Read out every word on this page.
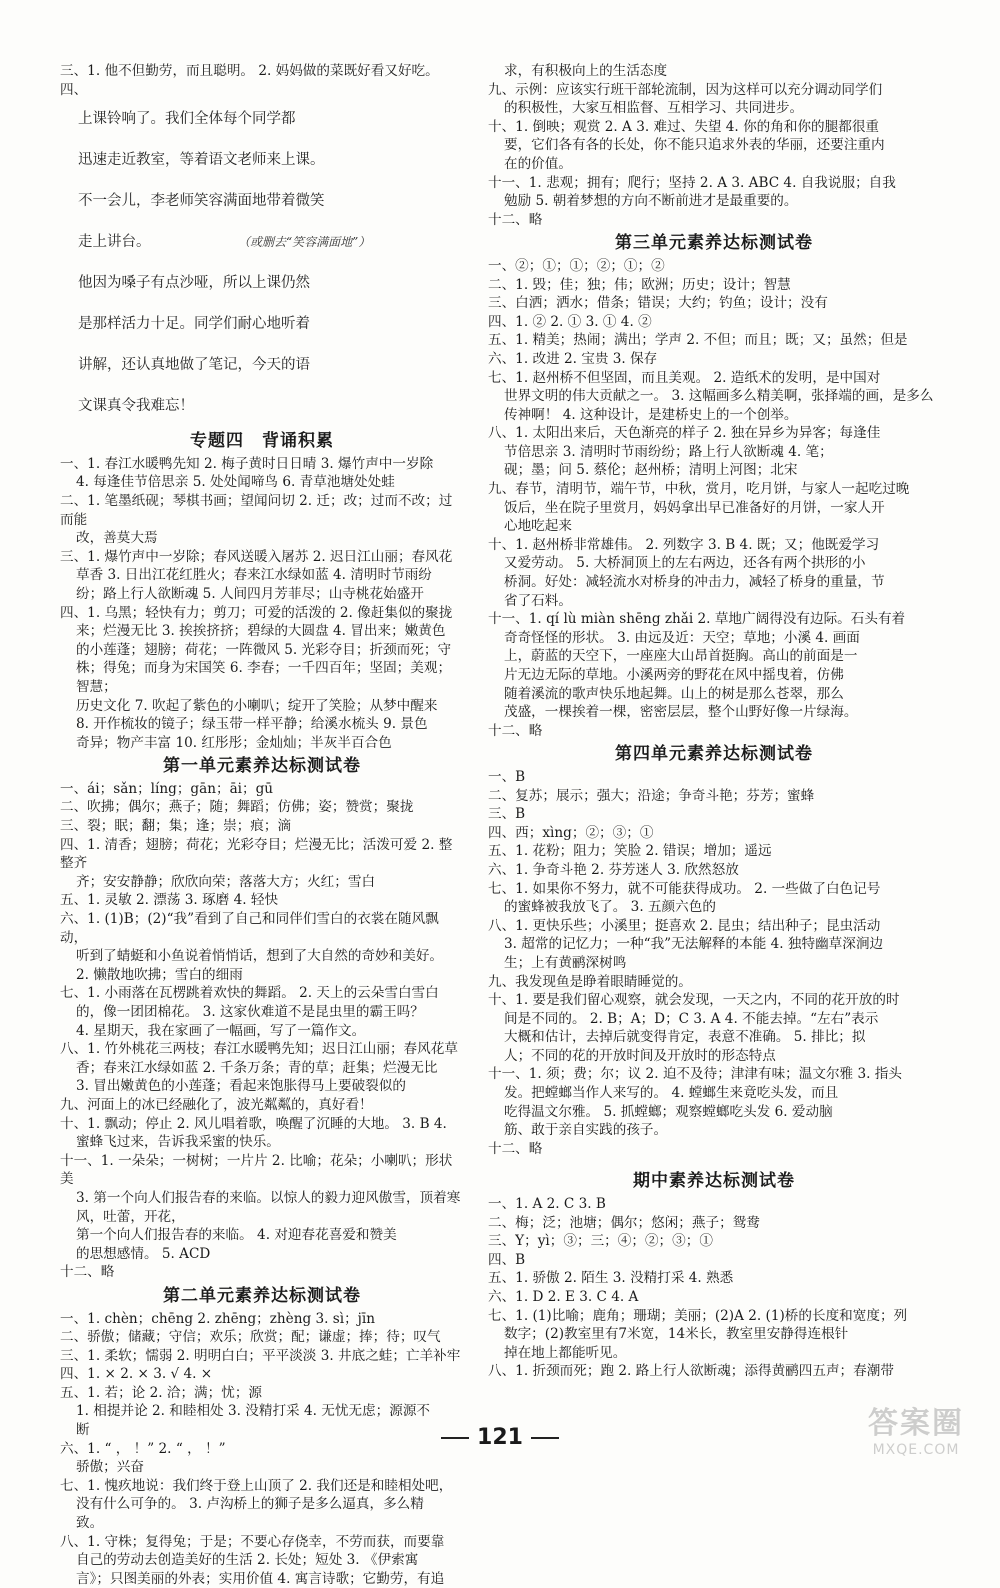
三、1. 他不但勤劳，而且聪明。 2. 妈妈做的菜既好看又好吃。
四、
上课铃响了。我们全体每个同学都
迅速走近教室，等着语文老师来上课。
不一会儿，李老师笑容满面地带着微笑
走上讲台。	（或删去“笑容满面地”）
他因为嗓子有点沙哑，所以上课仍然
是那样活力十足。同学们耐心地听着
讲解，还认真地做了笔记，今天的语
文课真令我难忘！
专题四　背诵积累
一、1. 春江水暖鸭先知 2. 梅子黄时日日晴 3. 爆竹声中一岁除
4. 每逢佳节倍思亲 5. 处处闻啼鸟 6. 青草池塘处处蛙
二、1. 笔墨纸砚；琴棋书画；望闻问切 2. 迁；改；过而不改；过而能
改，善莫大焉
三、1. 爆竹声中一岁除；春风送暖入屠苏 2. 迟日江山丽；春风花
草香 3. 日出江花红胜火；春来江水绿如蓝 4. 清明时节雨纷
纷；路上行人欲断魂 5. 人间四月芳菲尽；山寺桃花始盛开
四、1. 乌黑；轻快有力；剪刀；可爱的活泼的 2. 像赶集似的聚拢
来；烂漫无比 3. 挨挨挤挤；碧绿的大圆盘 4. 冒出来；嫩黄色
的小莲蓬；翅膀；荷花；一阵微风 5. 光彩夺目；折颈而死；守
株；得兔；而身为宋国笑 6. 李春；一千四百年；坚固；美观；智慧；
历史文化 7. 吹起了紫色的小喇叭；绽开了笑脸；从梦中醒来
8. 开作梳妆的镜子；绿玉带一样平静；给溪水梳头 9. 景色
奇异；物产丰富 10. 红彤彤；金灿灿；半灰半百合色
第一单元素养达标测试卷
一、ái；sǎn；líng；gān；āi；gū
二、吹拂；偶尔；燕子；随；舞蹈；仿佛；姿；赞赏；聚拢
三、裂；眠；翻；集；逢；崇；痕；滴
四、1. 清香；翅膀；荷花；光彩夺目；烂漫无比；活泼可爱 2. 整整齐
齐；安安静静；欣欣向荣；落落大方；火红；雪白
五、1. 灵敏 2. 漂荡 3. 琢磨 4. 轻快
六、1. (1)B；(2)“我”看到了自己和同伴们雪白的衣裳在随风飘动，
听到了蜻蜓和小鱼说着悄悄话，想到了大自然的奇妙和美好。
2. 懒散地吹拂；雪白的细雨
七、1. 小雨落在瓦楞跳着欢快的舞蹈。 2. 天上的云朵雪白雪白
的，像一团团棉花。 3. 这家伙难道不是昆虫里的霸王吗？
4. 星期天，我在家画了一幅画，写了一篇作文。
八、1. 竹外桃花三两枝；春江水暖鸭先知；迟日江山丽；春风花草
香；春来江水绿如蓝 2. 千条万条；青的草；赶集；烂漫无比
3. 冒出嫩黄色的小莲蓬；看起来饱胀得马上要破裂似的
九、河面上的冰已经融化了，波光粼粼的，真好看！
十、1. 飘动；停止 2. 风儿唱着歌，唤醒了沉睡的大地。 3. B 4.
蜜蜂飞过来，告诉我采蜜的快乐。
十一、1. 一朵朵；一树树；一片片 2. 比喻；花朵；小喇叭；形状美
3. 第一个向人们报告春的来临。以惊人的毅力迎风傲雪，顶着寒风，吐蕾，开花，
第一个向人们报告春的来临。 4. 对迎春花喜爱和赞美
的思想感情。 5. ACD
十二、略
第二单元素养达标测试卷
一、1. chèn；chēng 2. zhēng；zhèng 3. sì；jīn
二、骄傲；储藏；守信；欢乐；欣赏；配；谦虚；捧；待；叹气
三、1. 柔软；懦弱 2. 明明白白；平平淡淡 3. 井底之蛙；亡羊补牢
四、1. × 2. × 3. √ 4. ×
五、1. 若；论 2. 洽；满；忧；源
1. 相提并论 2. 和睦相处 3. 没精打采 4. 无忧无虑；源源不
断
六、1. “ ， ！” 2. “ ， ！”
骄傲；兴奋
七、1. 愧疚地说：我们终于登上山顶了 2. 我们还是和睦相处吧，
没有什么可争的。 3. 卢沟桥上的狮子是多么逼真，多么精
致。
八、1. 守株；复得兔；于是；不要心存侥幸，不劳而获，而要靠
自己的劳动去创造美好的生活 2. 长处；短处 3. 《伊索寓
言》；只图美丽的外表；实用价值 4. 寓言诗歌；它勤劳，有追
求，有积极向上的生活态度
九、示例：应该实行班干部轮流制，因为这样可以充分调动同学们
的积极性，大家互相监督、互相学习、共同进步。
十、1. 倒映；观赏 2. A 3. 难过、失望 4. 你的角和你的腿都很重
要，它们各有各的长处，你不能只追求外表的华丽，还要注重内
在的价值。
十一、1. 悲观；拥有；爬行；坚持 2. A 3. ABC 4. 自我说服；自我
勉励 5. 朝着梦想的方向不断前进才是最重要的。
十二、略
第三单元素养达标测试卷
一、②；①；①；②；①；②
二、1. 毁；佳；独；伟；欧洲；历史；设计；智慧
三、白洒；洒水；借条；错误；大约；钓鱼；设计；没有
四、1. ② 2. ① 3. ① 4. ②
五、1. 精美；热闹；满出；学声 2. 不但；而且；既；又；虽然；但是
六、1. 改进 2. 宝贵 3. 保存
七、1. 赵州桥不但坚固，而且美观。 2. 造纸术的发明，是中国对
世界文明的伟大贡献之一。 3. 这幅画多么精美啊，张择端的画，是多么
传神啊！ 4. 这种设计，是建桥史上的一个创举。
八、1. 太阳出来后，天色渐亮的样子 2. 独在异乡为异客；每逢佳
节倍思亲 3. 清明时节雨纷纷；路上行人欲断魂 4. 笔；
砚；墨；问 5. 蔡伦；赵州桥；清明上河图；北宋
九、春节，清明节，端午节，中秋，赏月，吃月饼，与家人一起吃过晚
饭后，坐在院子里赏月，妈妈拿出早已准备好的月饼，一家人开
心地吃起来
十、1. 赵州桥非常雄伟。 2. 列数字 3. B 4. 既；又；他既爱学习
又爱劳动。 5. 大桥洞顶上的左右两边，还各有两个拱形的小
桥洞。好处：减轻流水对桥身的冲击力，减轻了桥身的重量，节
省了石料。
十一、1. qí lù miàn shēng zhǎi 2. 草地广阔得没有边际。石头有着
奇奇怪怪的形状。 3. 由远及近：天空；草地；小溪 4. 画面
上，蔚蓝的天空下，一座座大山昂首挺胸。高山的前面是一
片无边无际的草地。小溪两旁的野花在风中摇曳着，仿佛
随着溪流的歌声快乐地起舞。山上的树是那么苍翠，那么
茂盛，一棵挨着一棵，密密层层，整个山野好像一片绿海。
十二、略
第四单元素养达标测试卷
一、B
二、复苏；展示；强大；沿途；争奇斗艳；芬芳；蜜蜂
三、B
四、西；xìng；②；③；①
五、1. 花粉；阻力；笑脸 2. 错误；增加；遥远
六、1. 争奇斗艳 2. 芬芳迷人 3. 欣然怒放
七、1. 如果你不努力，就不可能获得成功。 2. 一些做了白色记号
的蜜蜂被我放飞了。 3. 五颜六色的
八、1. 更快乐些；小溪里；挺喜欢 2. 昆虫；结出种子；昆虫活动
3. 超常的记忆力；一种“我”无法解释的本能 4. 独特幽草深涧边
生；上有黄鹂深树鸣
九、我发现鱼是睁着眼睛睡觉的。
十、1. 要是我们留心观察，就会发现，一天之内，不同的花开放的时
间是不同的。 2. B；A；D；C 3. A 4. 不能去掉。“左右”表示
大概和估计，去掉后就变得肯定，表意不准确。 5. 排比；拟
人；不同的花的开放时间及开放时的形态特点
十一、1. 须；费；尔；议 2. 迫不及待；津津有味；温文尔雅 3. 指头
发。把螳螂当作人来写的。 4. 螳螂生来竟吃头发，而且
吃得温文尔雅。 5. 抓螳螂；观察螳螂吃头发 6. 爱动脑
筋、敢于亲自实践的孩子。
十二、略
期中素养达标测试卷
一、1. A 2. C 3. B
二、梅；泛；池塘；偶尔；悠闲；燕子；鸳鸯
三、Y；yì；③；三；④；②；③；①
四、B
五、1. 骄傲 2. 陌生 3. 没精打采 4. 熟悉
六、1. D 2. E 3. C 4. A
七、1. (1)比喻；鹿角；珊瑚；美丽；(2)A 2. (1)桥的长度和宽度；列
数字；(2)教室里有7米宽，14米长，教室里安静得连根针
掉在地上都能听见。
八、1. 折颈而死；跑 2. 路上行人欲断魂；添得黄鹂四五声；春潮带
121	答案圈
MXQE.COM
